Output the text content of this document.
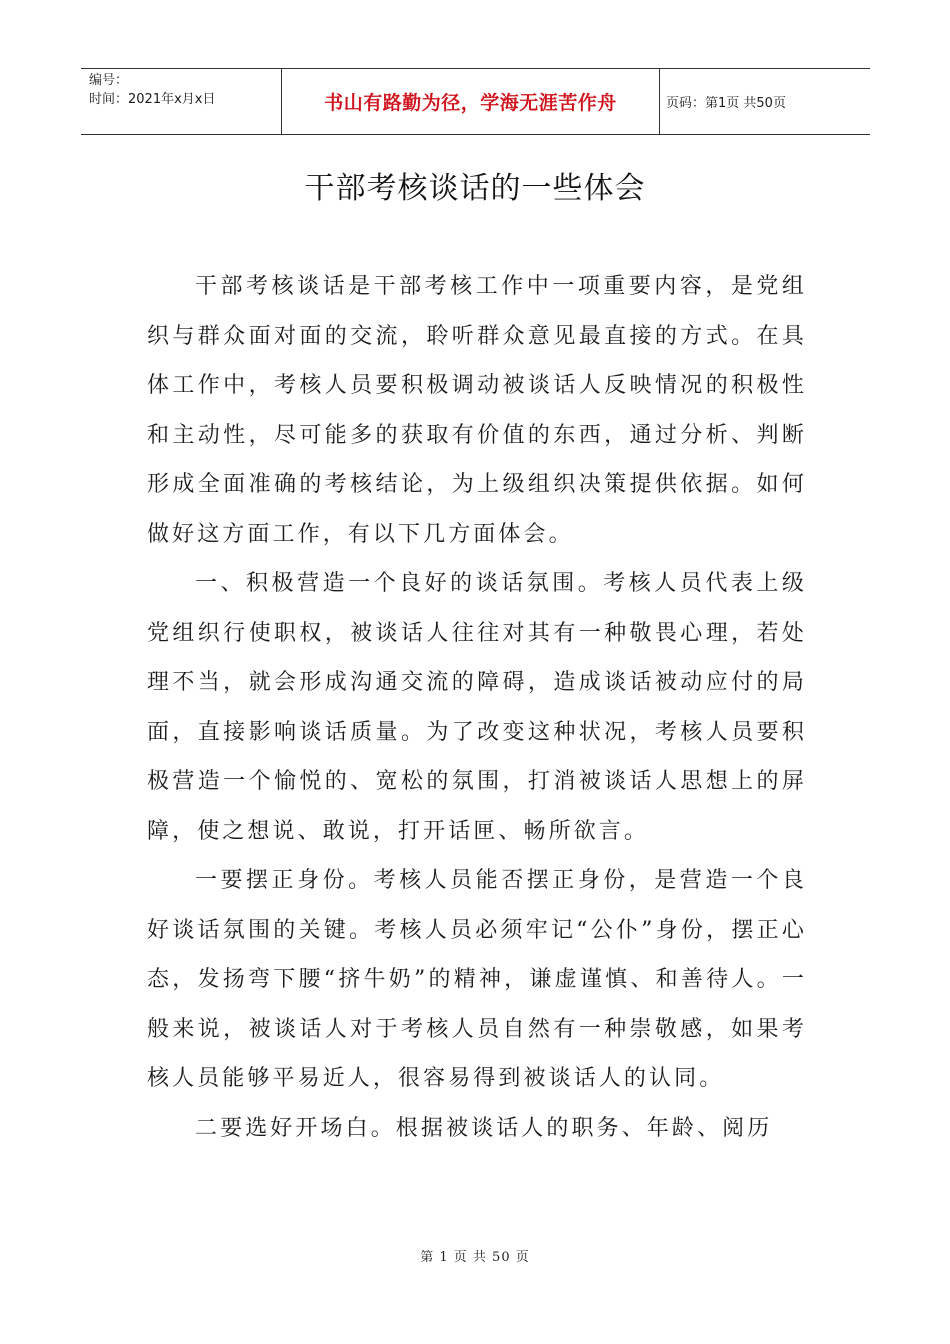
编号：
时间：2021年x月x日	书山有路勤为径，学海无涯苦作舟	页码：第1页 共50页
干部考核谈话的一些体会

干部考核谈话是干部考核工作中一项重要内容，是党组织与群众面对面的交流，聆听群众意见最直接的方式。在具体工作中，考核人员要积极调动被谈话人反映情况的积极性和主动性，尽可能多的获取有价值的东西，通过分析、判断形成全面准确的考核结论，为上级组织决策提供依据。如何做好这方面工作，有以下几方面体会。

一、积极营造一个良好的谈话氛围。考核人员代表上级党组织行使职权，被谈话人往往对其有一种敬畏心理，若处理不当，就会形成沟通交流的障碍，造成谈话被动应付的局面，直接影响谈话质量。为了改变这种状况，考核人员要积极营造一个愉悦的、宽松的氛围，打消被谈话人思想上的屏障，使之想说、敢说，打开话匣、畅所欲言。

一要摆正身份。考核人员能否摆正身份，是营造一个良好谈话氛围的关键。考核人员必须牢记“公仆”身份，摆正心态，发扬弯下腰“挤牛奶”的精神，谦虚谨慎、和善待人。一般来说，被谈话人对于考核人员自然有一种崇敬感，如果考核人员能够平易近人，很容易得到被谈话人的认同。

二要选好开场白。根据被谈话人的职务、年龄、阅历

第 1 页 共 50 页
